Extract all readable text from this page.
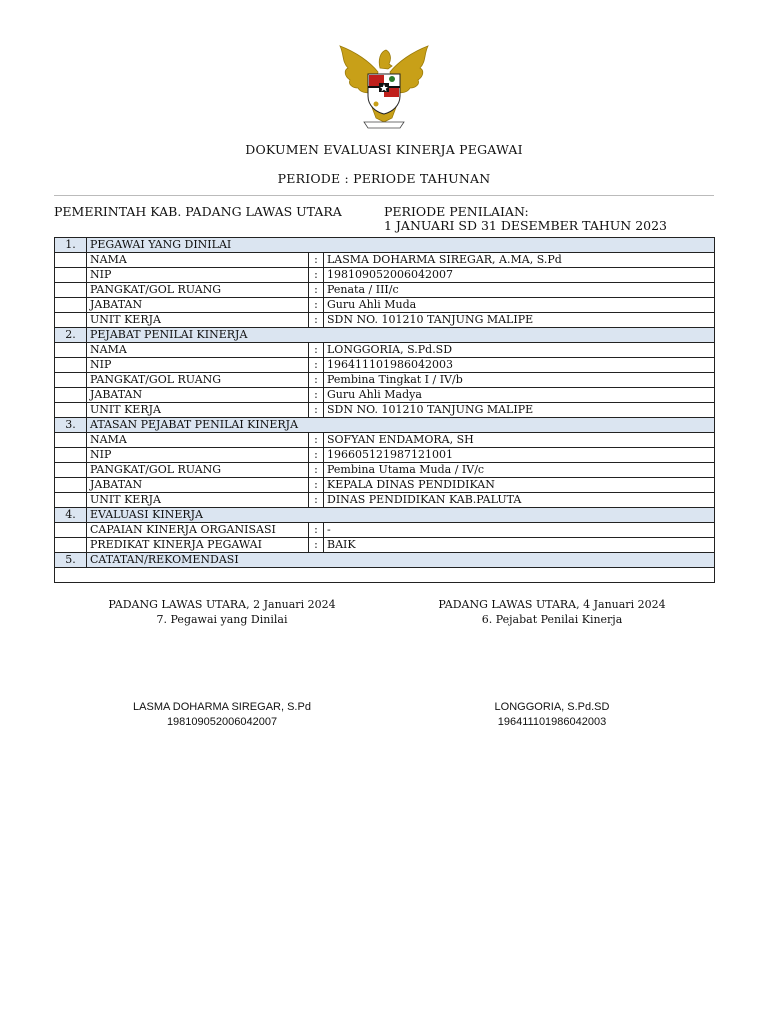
DOKUMEN EVALUASI KINERJA PEGAWAI
PERIODE : PERIODE TAHUNAN
PEMERINTAH KAB. PADANG LAWAS UTARA	PERIODE PENILAIAN:
1 JANUARI SD 31 DESEMBER TAHUN 2023
1.	PEGAWAI YANG DINILAI		
	NAMA	:	LASMA DOHARMA SIREGAR, A.MA, S.Pd
	NIP	:	198109052006042007
	PANGKAT/GOL RUANG	:	Penata / III/c
	JABATAN	:	Guru Ahli Muda
	UNIT KERJA	:	SDN NO. 101210 TANJUNG MALIPE
2.	PEJABAT PENILAI KINERJA		
	NAMA	:	LONGGORIA, S.Pd.SD
	NIP	:	196411101986042003
	PANGKAT/GOL RUANG	:	Pembina Tingkat I / IV/b
	JABATAN	:	Guru Ahli Madya
	UNIT KERJA	:	SDN NO. 101210 TANJUNG MALIPE
3.	ATASAN PEJABAT PENILAI KINERJA		
	NAMA	:	SOFYAN ENDAMORA, SH
	NIP	:	196605121987121001
	PANGKAT/GOL RUANG	:	Pembina Utama Muda / IV/c
	JABATAN	:	KEPALA DINAS PENDIDIKAN
	UNIT KERJA	:	DINAS PENDIDIKAN KAB.PALUTA
4.	EVALUASI KINERJA		
	CAPAIAN KINERJA ORGANISASI	:	-
	PREDIKAT KINERJA PEGAWAI	:	BAIK
5.	CATATAN/REKOMENDASI		

PADANG LAWAS UTARA, 2 Januari 2024
7. Pegawai yang Dinilai
LASMA DOHARMA SIREGAR, S.Pd
198109052006042007
PADANG LAWAS UTARA, 4 Januari 2024
6. Pejabat Penilai Kinerja
LONGGORIA, S.Pd.SD
196411101986042003
